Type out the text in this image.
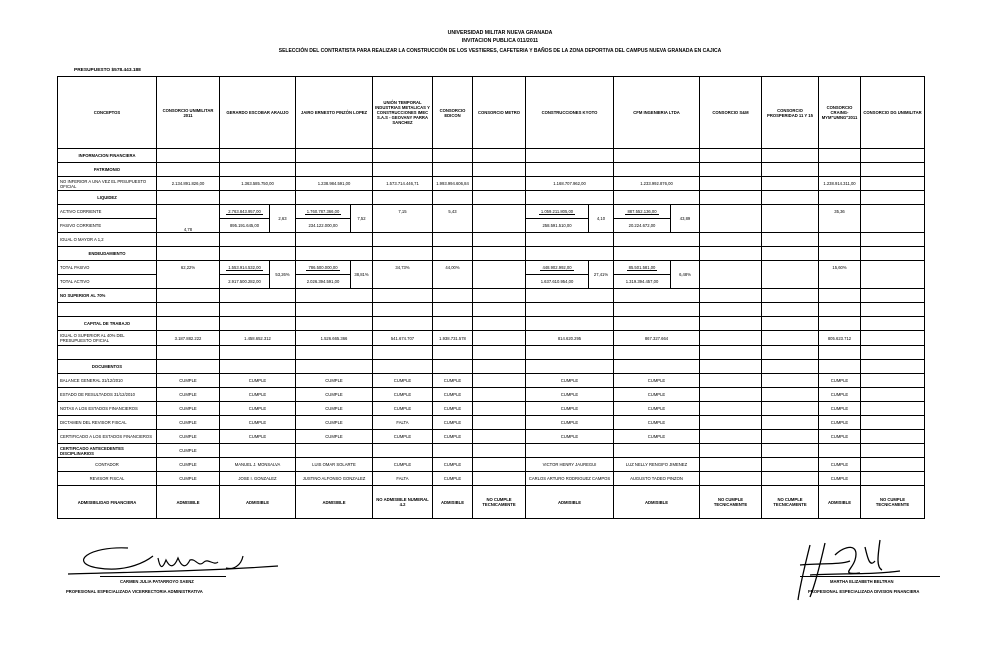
UNIVERSIDAD MILITAR NUEVA GRANADA
INVITACION PUBLICA 011/2011
SELECCIÓN DEL CONTRATISTA PARA REALIZAR LA CONSTRUCCIÓN DE LOS VESTIERES, CAFETERIA Y BAÑOS DE LA ZONA DEPORTIVA DEL CAMPUS NUEVA GRANADA EN CAJICA
PRESUPUESTO $578.443.188
CONCEPTOS	CONSORCIO UNIMILITAR 2011	GERARDO ESCOBAR ARAUJO		JAIRO ERNESTO PINZÓN LOPEZ		UNIÓN TEMPORAL INDUSTRIAS METALICAS Y CONSTRUCCIONES IMEC S.A.S - GEOVANY PARRA SANCHEZ	CONSORCIO EDICON	CONSORCIO METRO	CONSTRUCCIONES KYOTO		CFM INGENIERIA LTDA		CONSORCIO S&M	CONSORCIO PROSPERIDAD 11 Y 15	CONSORCIO CRAING-MYM"UMNG"2011	CONSORCIO DG UNIMILITAR
INFORMACION FINANCIERA																
PATRIMONIO																
NO INFERIOR A UNA VEZ EL PRSUPUESTO OFICIAL	2.134.891.826,00	1.363.585.750,00		1.238.984.591,00		1.573.714.446,71	1.993.994.606,84		1.168.707.962,00		1.233.992.876,00				1.238.914.311,00	
LIQUIDEZ																
ACTIVO CORRIENTE	4,78	2.763.843.957,00	2,63	1.760.787.366,00	7,52	7,15	5,43		1.059.211.805,00	4,10	887.552.136,00	43,89			35,36	
PASIVO CORRIENTE		895.191.645,00		234.122.000,00					258.591.510,00		20.224.672,00					
IGUAL O MAYOR A 1,2																
ENDEUDAMIENTO																
TOTAL PASIVO	62,22%	1.553.914.532,00	53,26%	786.500.000,00	38,81%	34,73%	44,00%		448.902.992,00	27,41%	85.501.581,00	6,48%			15,60%	
TOTAL ACTIVO		2.917.500.282,00		2.026.394.591,00					1.637.610.954,00		1.319.394.457,00					
NO SUPERIOR AL 70%																

CAPITAL DE TRABAJO																
IGUAL O SUPERIOR AL 40% DEL PRESUPUESTO OFICIAL	3.187.882.222	1.458.652.312		1.526.665.366		541.674.707	1.938.731.578		814.620.295		867.327.664				805.623.712	

DOCUMENTOS																
BALANCE GENERAL 31/12/2010	CUMPLE	CUMPLE		CUMPLE		CUMPLE	CUMPLE		CUMPLE		CUMPLE				CUMPLE	
ESTADO DE RESULTADOS 31/12/2010	CUMPLE	CUMPLE		CUMPLE		CUMPLE	CUMPLE		CUMPLE		CUMPLE				CUMPLE	
NOTAS A LOS ESTADOS FINANCIEROS	CUMPLE	CUMPLE		CUMPLE		CUMPLE	CUMPLE		CUMPLE		CUMPLE				CUMPLE	
DICTAMEN DEL REVISOR FISCAL	CUMPLE	CUMPLE		CUMPLE		FALTA	CUMPLE		CUMPLE		CUMPLE				CUMPLE	
CERTIFICADO A LOS ESTADOS FINANCIEROS	CUMPLE	CUMPLE		CUMPLE		CUMPLE	CUMPLE		CUMPLE		CUMPLE				CUMPLE	
CERTIFICADO ANTECEDENTES DISCIPLINARIOS	CUMPLE															
CONTADOR	CUMPLE	MANUEL J. MONSALVA		LUIS OMAR SOLARTE		CUMPLE	CUMPLE		VICTOR HENRY JAUREGUI		LUZ NELLY RENGIFO JIMENEZ				CUMPLE	
REVISOR FISCAL	CUMPLE	JOSE I. GONZALEZ		JUSTINO ALFONSO GONZALEZ		FALTA	CUMPLE		CARLOS ARTURO RODRIGUEZ CAMPOS		AUGUSTO TADEO PINZON				CUMPLE	
ADMISIBILIDAD FINANCIERA	ADMISIBLE	ADMISIBLE		ADMISIBLE		NO ADMISIBLE NUMERAL 4.2	ADMISIBLE	NO CUMPLE TECNICAMENTE	ADMISIBLE		ADMISIBLE		NO CUMPLE TECNICAMENTE	NO CUMPLE TECNICAMENTE	ADMISIBLE	NO CUMPLE TECNICAMENTE
CARMEN JULIA PATARROYO SAENZ
PROFESIONAL ESPECIALIZADA VICERRECTORIA ADMINISTRATIVA
MARTHA ELIZABETH BELTRAN
PROFESIONAL ESPECIALIZADA DIVISION FINANCIERA
